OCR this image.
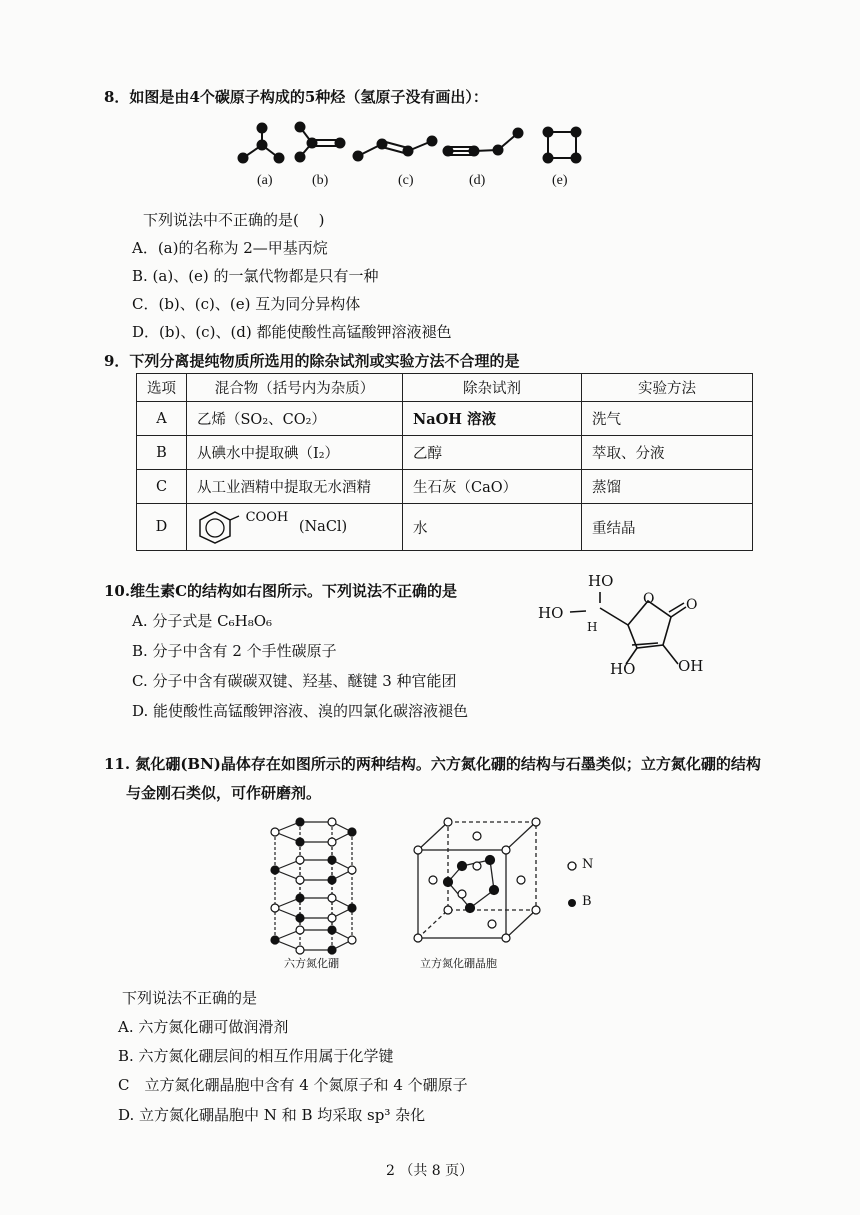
8．如图是由4个碳原子构成的5种烃（氢原子没有画出）：
(a)	(b)	(c)	(d)	(e)
下列说法中不正确的是(　 )
A．(a)的名称为 2—甲基丙烷
B. (a)、(e) 的一氯代物都是只有一种
C．(b)、(c)、(e) 互为同分异构体
D．(b)、(c)、(d) 都能使酸性高锰酸钾溶液褪色
9．下列分离提纯物质所选用的除杂试剂或实验方法不合理的是
选项	混合物（括号内为杂质）	除杂试剂	实验方法
A	乙烯（SO₂、CO₂）	NaOH 溶液	洗气
B	从碘水中提取碘（I₂）	乙醇	萃取、分液
C	从工业酒精中提取无水酒精	生石灰（CaO）	蒸馏
D	COOH (NaCl)	水	重结晶
10.维生素C的结构如右图所示。下列说法不正确的是
A. 分子式是 C₆H₈O₆
B. 分子中含有 2 个手性碳原子
C. 分子中含有碳碳双键、羟基、醚键 3 种官能团
D. 能使酸性高锰酸钾溶液、溴的四氯化碳溶液褪色
HO
HO
H
O O
HO	OH
11. 氮化硼(BN)晶体存在如图所示的两种结构。六方氮化硼的结构与石墨类似；立方氮化硼的结构
与金刚石类似，可作研磨剂。
N
B
六方氮化硼	立方氮化硼晶胞
下列说法不正确的是
A. 六方氮化硼可做润滑剂
B. 六方氮化硼层间的相互作用属于化学键
C　立方氮化硼晶胞中含有 4 个氮原子和 4 个硼原子
D. 立方氮化硼晶胞中 N 和 B 均采取 sp³ 杂化
2 （共 8 页）
